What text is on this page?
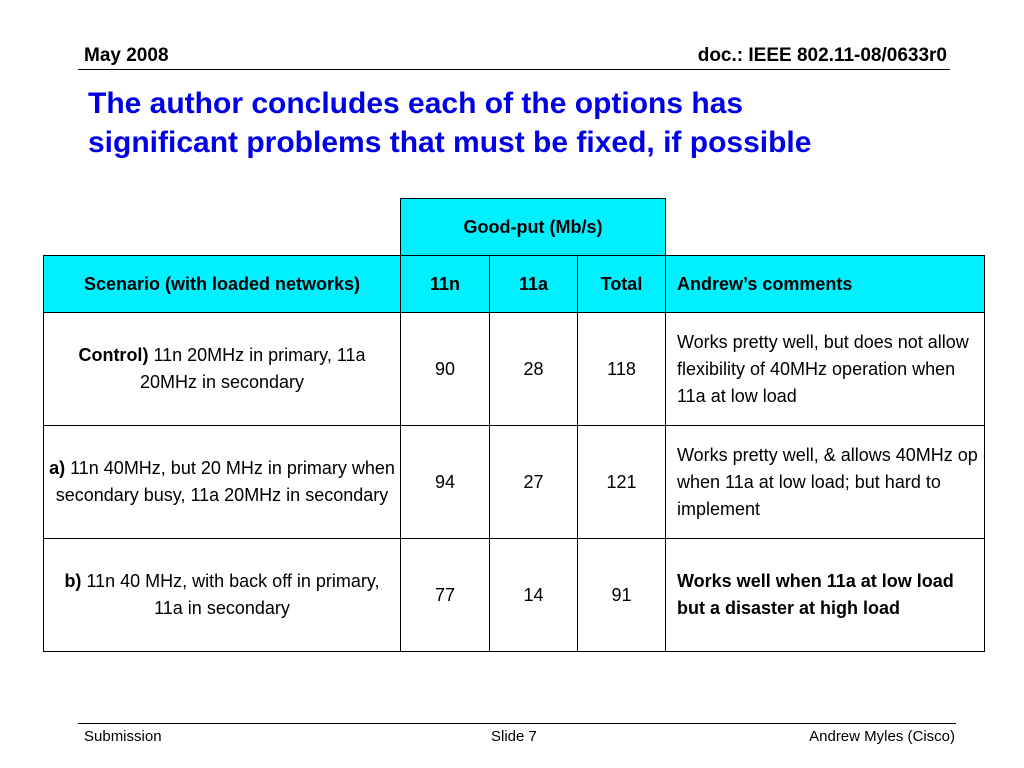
May 2008	doc.: IEEE 802.11-08/0633r0
The author concludes each of the options has
significant problems that must be fixed, if possible
	Good-put (Mb/s)			
Scenario (with loaded networks)	11n	11a	Total	Andrew’s comments
Control) 11n 20MHz in primary, 11a 20MHz in secondary	90	28	118	Works pretty well, but does not allow flexibility of 40MHz operation when 11a at low load
a) 11n 40MHz, but 20 MHz in primary when secondary busy, 11a 20MHz in secondary	94	27	121	Works pretty well, & allows 40MHz op when 11a at low load; but hard to implement
b) 11n 40 MHz, with back off in primary, 11a in secondary	77	14	91	Works well when 11a at low load but a disaster at high load
Submission	Slide 7	Andrew Myles (Cisco)
